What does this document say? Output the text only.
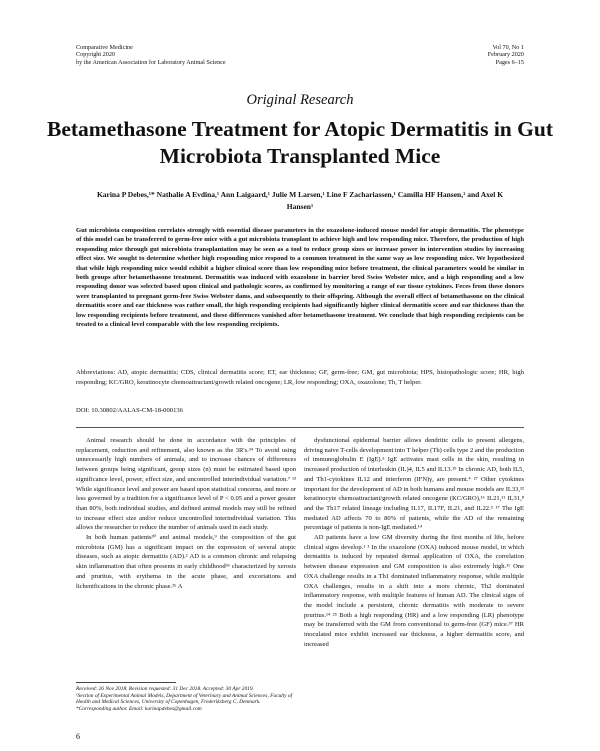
Comparative Medicine
Copyright 2020
by the American Association for Laboratory Animal Science
Vol 70, No 1
February 2020
Pages 6–15
Original Research
Betamethasone Treatment for Atopic Dermatitis in Gut Microbiota Transplanted Mice
Karina P Debes,¹* Nathalie A Evdina,¹ Ann Laigaard,¹ Julie M Larsen,¹ Line F Zachariassen,¹ Camilla HF Hansen,¹ and Axel K Hansen¹
Gut microbiota composition correlates strongly with essential disease parameters in the oxazolone-induced mouse model for atopic dermatitis. The phenotype of this model can be transferred to germ-free mice with a gut microbiota transplant to achieve high and low responding mice. Therefore, the production of high responding mice through gut microbiota transplantation may be seen as a tool to reduce group sizes or increase power in intervention studies by increasing effect size. We sought to determine whether high responding mice respond to a common treatment in the same way as low responding mice. We hypothesized that while high responding mice would exhibit a higher clinical score than low responding mice before treatment, the clinical parameters would be similar in both groups after betamethasone treatment. Dermatitis was induced with oxazolone in barrier bred Swiss Webster mice, and a high responding and a low responding donor was selected based upon clinical and pathologic scores, as confirmed by monitoring a range of ear tissue cytokines. Feces from these donors were transplanted to pregnant germ-free Swiss Webster dams, and subsequently to their offspring. Although the overall effect of betamethasone on the clinical dermatitis score and ear thickness was rather small, the high responding recipients had significantly higher clinical dermatitis score and ear thickness than the low responding recipients before treatment, and these differences vanished after betamethasone treatment. We conclude that high responding recipients can be treated to a clinical level comparable with the low responding recipients.
Abbreviations: AD, atopic dermatitis; CDS, clinical dermatitis score; ET, ear thickness; GF, germ-free; GM, gut microbiota; HPS, histopathologic score; HR, high responding; KC/GRO, keratinocyte chemoattractant/growth related oncogene; LR, low responding; OXA, oxazolone; Th, T helper.
DOI: 10.30802/AALAS-CM-18-000136

Animal research should be done in accordance with the principles of replacement, reduction and refinement, also known as the 3R's.³⁴ To avoid using unnecessarily high numbers of animals, and to increase chances of differences between groups being significant, group sizes (n) must be estimated based upon significance level, power, effect size, and uncontrolled interindividual variation.⁷ ¹³ While significance level and power are based upon statistical concerns, and more or less governed by a tradition for a significance level of P < 0.05 and a power greater than 80%, both individual studies, and defined animal models may still be refined to increase effect size and/or reduce uncontrolled interindividual variation. This allows the researcher to reduce the number of animals used in each study.

In both human patients³⁰ and animal models,⁹ the composition of the gut microbiota (GM) has a significant impact on the expression of several atopic diseases, such as atopic dermatitis (AD).² AD is a common chronic and relapsing skin inflammation that often presents in early childhood³⁶ characterized by xerosis and pruritus, with erythema in the acute phase, and excoriations and lichenifications in the chronic phase.²⁶ A

dysfunctional epidermal barrier allows dendritic cells to present allergens, driving naive T-cells development into T helper (Th) cells type 2 and the production of immunoglobulin E (IgE).⁵ IgE activates mast cells in the skin, resulting in increased production of interleukin (IL)4, IL5 and IL13.¹⁹ In chronic AD, both IL5, and Th1-cytokines IL12 and interferon (IFN)γ, are present.⁴ ²⁷ Other cytokines important for the development of AD in both humans and mouse models are IL33,³² keratinocyte chemoattractant/growth related oncogene (KC/GRO),¹⁶ IL21,¹¹ IL31,⁸ and the Th17 related lineage including IL17, IL17F, IL21, and IL22.⁵ ¹⁷ The IgE mediated AD affects 70 to 80% of patients, while the AD of the remaining percentage of patients is non-IgE mediated.¹⁴

AD patients have a low GM diversity during the first months of life, before clinical signs develop.¹ ³ In the oxazolone (OXA) induced mouse model, in which dermatitis is induced by repeated dermal application of OXA, the correlation between disease expression and GM composition is also extremely high.¹¹ One OXA challenge results in a Th1 dominated inflammatory response, while multiple OXA challenges, results in a shift into a more chronic, Th2 dominated inflammatory response, with multiple features of human AD. The clinical signs of the model include a persistent, chronic dermatitis with moderate to severe pruritus.¹⁴ ²⁵ Both a high responding (HR) and a low responding (LR) phenotype may be transferred with the GM from conventional to germ-free (GF) mice.³⁷ HR inoculated mice exhibit increased ear thickness, a higher dermatitis score, and increased

Received: 26 Nov 2018. Revision requested: 31 Dec 2018. Accepted: 30 Apr 2019.
¹Section of Experimental Animal Models, Department of Veterinary and Animal Sciences, Faculty of Health and Medical Sciences, University of Copenhagen, Frederiksberg C, Denmark.
*Corresponding author. Email: karinapdebes@gmail.com
6
